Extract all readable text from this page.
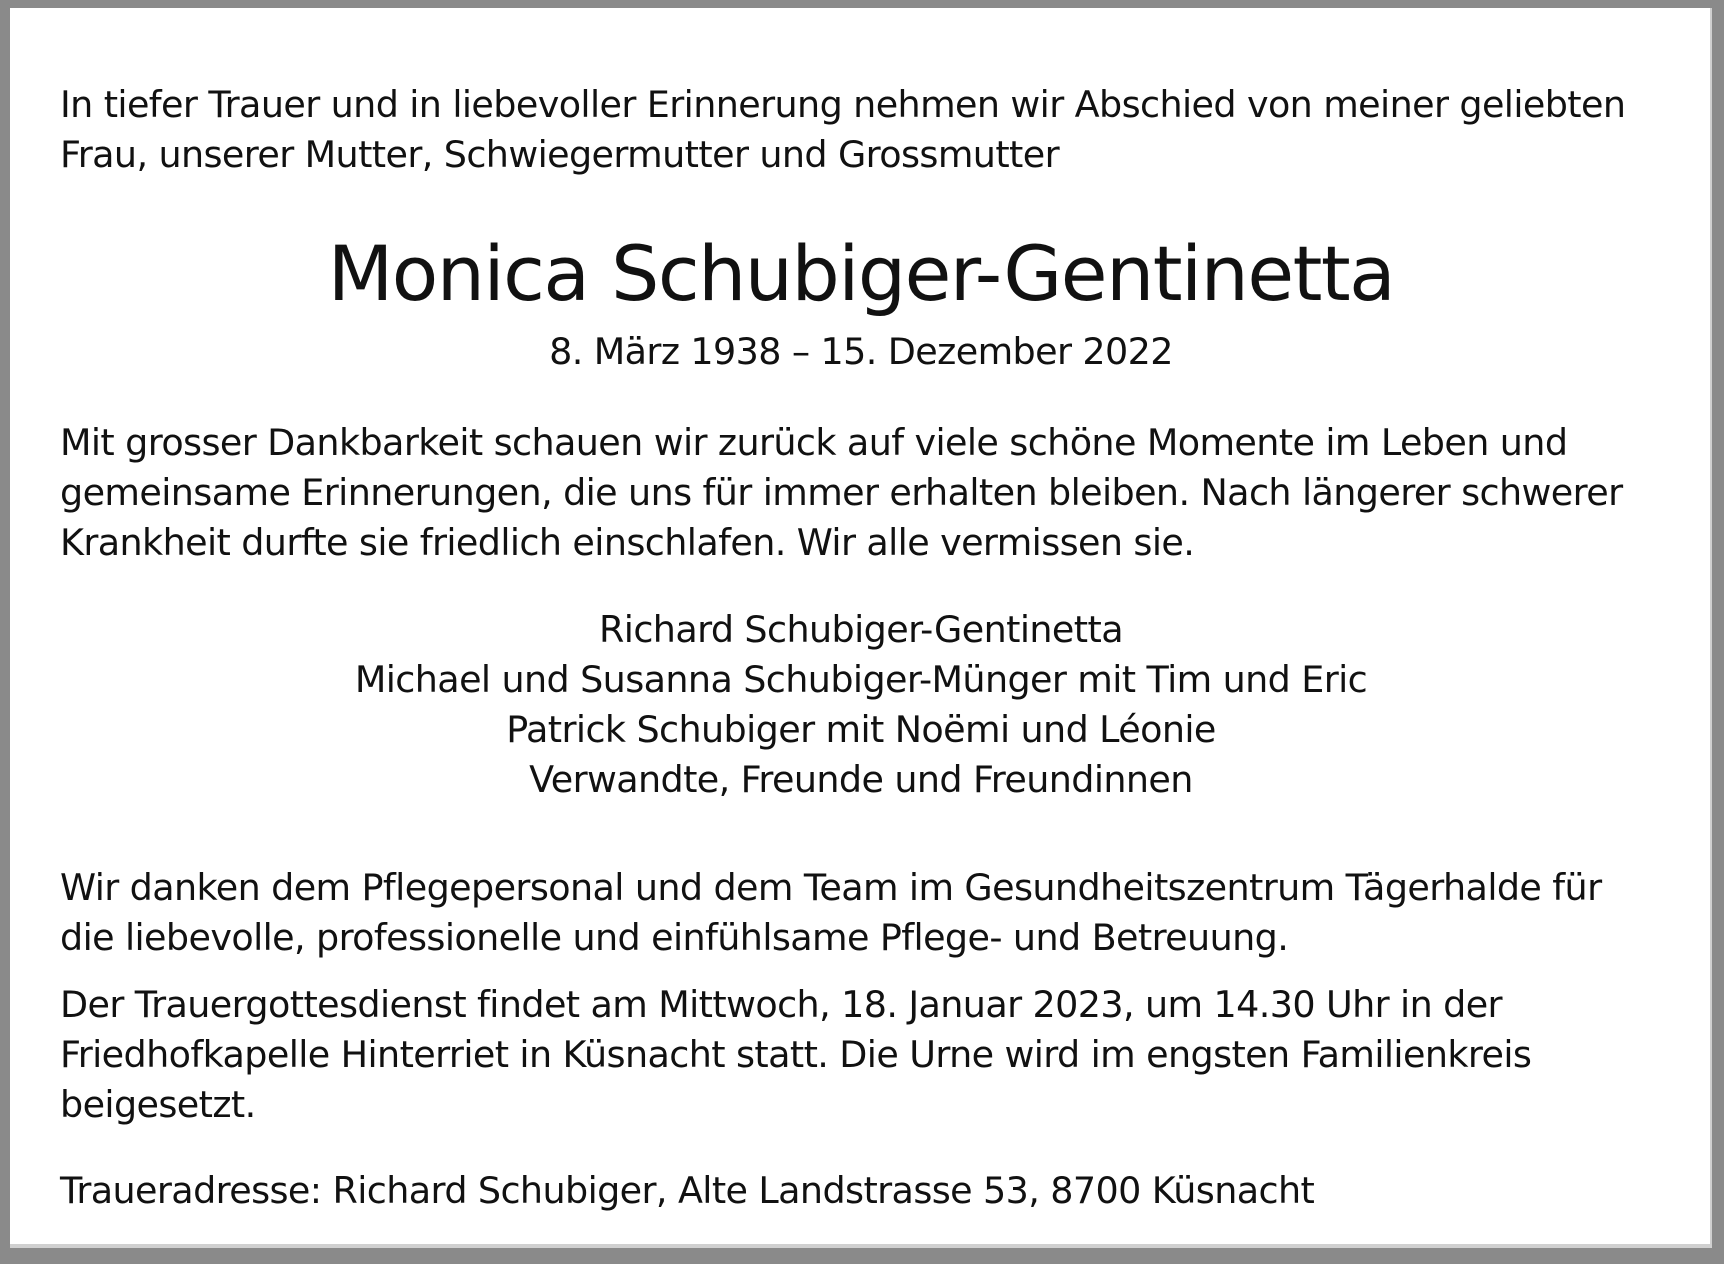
In tiefer Trauer und in liebevoller Erinnerung nehmen wir Abschied von meiner geliebten
Frau, unserer Mutter, Schwiegermutter und Grossmutter

Monica Schubiger-Gentinetta

8. März 1938 – 15. Dezember 2022

Mit grosser Dankbarkeit schauen wir zurück auf viele schöne Momente im Leben und
gemeinsame Erinnerungen, die uns für immer erhalten bleiben. Nach längerer schwerer
Krankheit durfte sie friedlich einschlafen. Wir alle vermissen sie.

Richard Schubiger-Gentinetta
Michael und Susanna Schubiger-Münger mit Tim und Eric
Patrick Schubiger mit Noëmi und Léonie
Verwandte, Freunde und Freundinnen

Wir danken dem Pflegepersonal und dem Team im Gesundheitszentrum Tägerhalde für
die liebevolle, professionelle und einfühlsame Pflege- und Betreuung.

Der Trauergottesdienst findet am Mittwoch, 18. Januar 2023, um 14.30 Uhr in der
Friedhofkapelle Hinterriet in Küsnacht statt. Die Urne wird im engsten Familienkreis
beigesetzt.

Traueradresse: Richard Schubiger, Alte Landstrasse 53, 8700 Küsnacht
